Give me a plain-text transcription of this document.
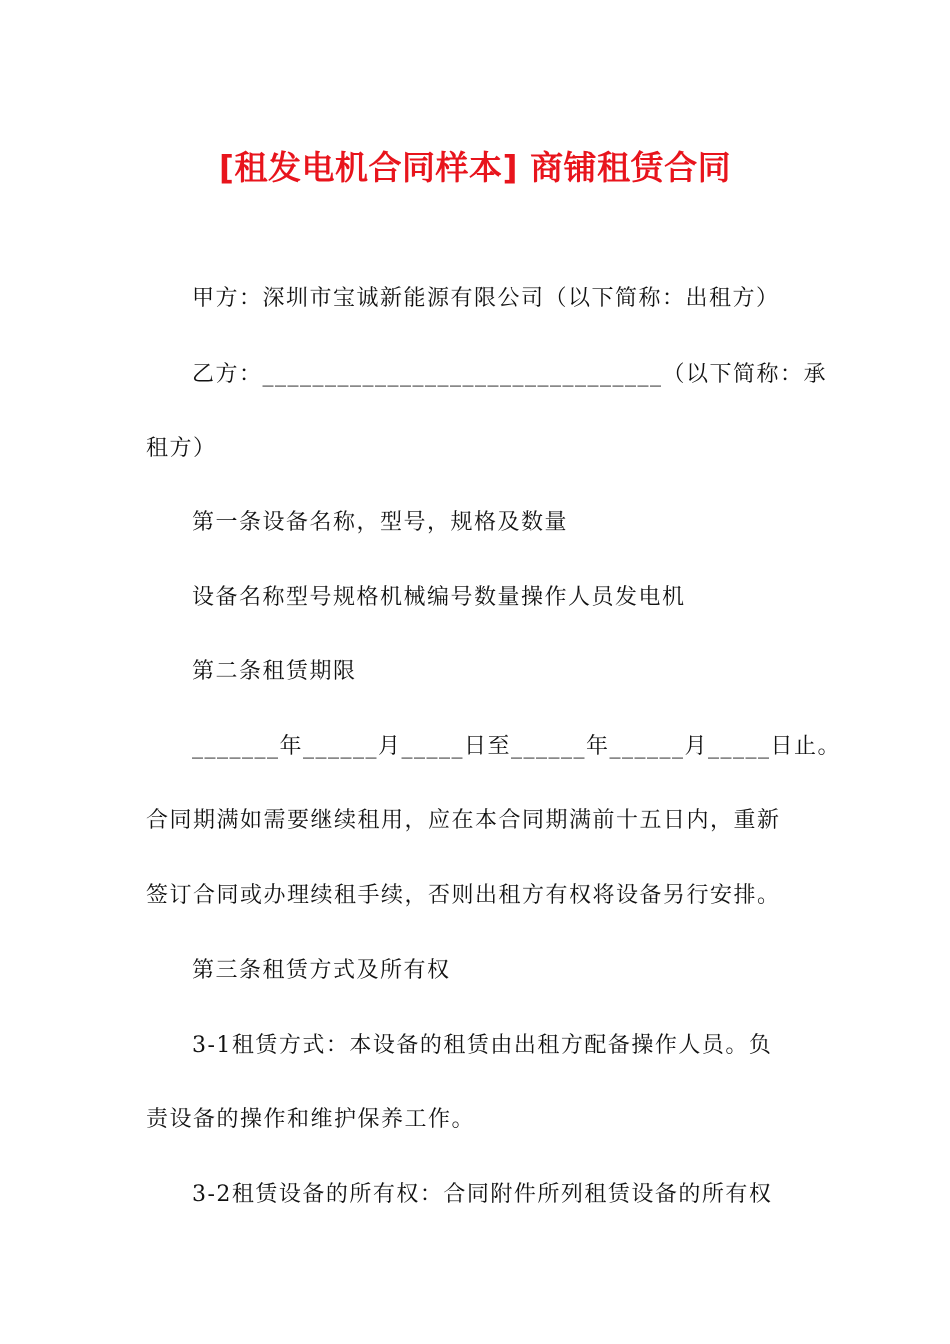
[租发电机合同样本] 商铺租赁合同
甲方：深圳市宝诚新能源有限公司（以下简称：出租方）
乙方：________________________________（以下简称：承
租方）
第一条设备名称，型号，规格及数量
设备名称型号规格机械编号数量操作人员发电机
第二条租赁期限
_______年______月_____日至______年______月_____日止。
合同期满如需要继续租用，应在本合同期满前十五日内，重新
签订合同或办理续租手续，否则出租方有权将设备另行安排。
第三条租赁方式及所有权
3-1租赁方式：本设备的租赁由出租方配备操作人员。负
责设备的操作和维护保养工作。
3-2租赁设备的所有权：合同附件所列租赁设备的所有权
